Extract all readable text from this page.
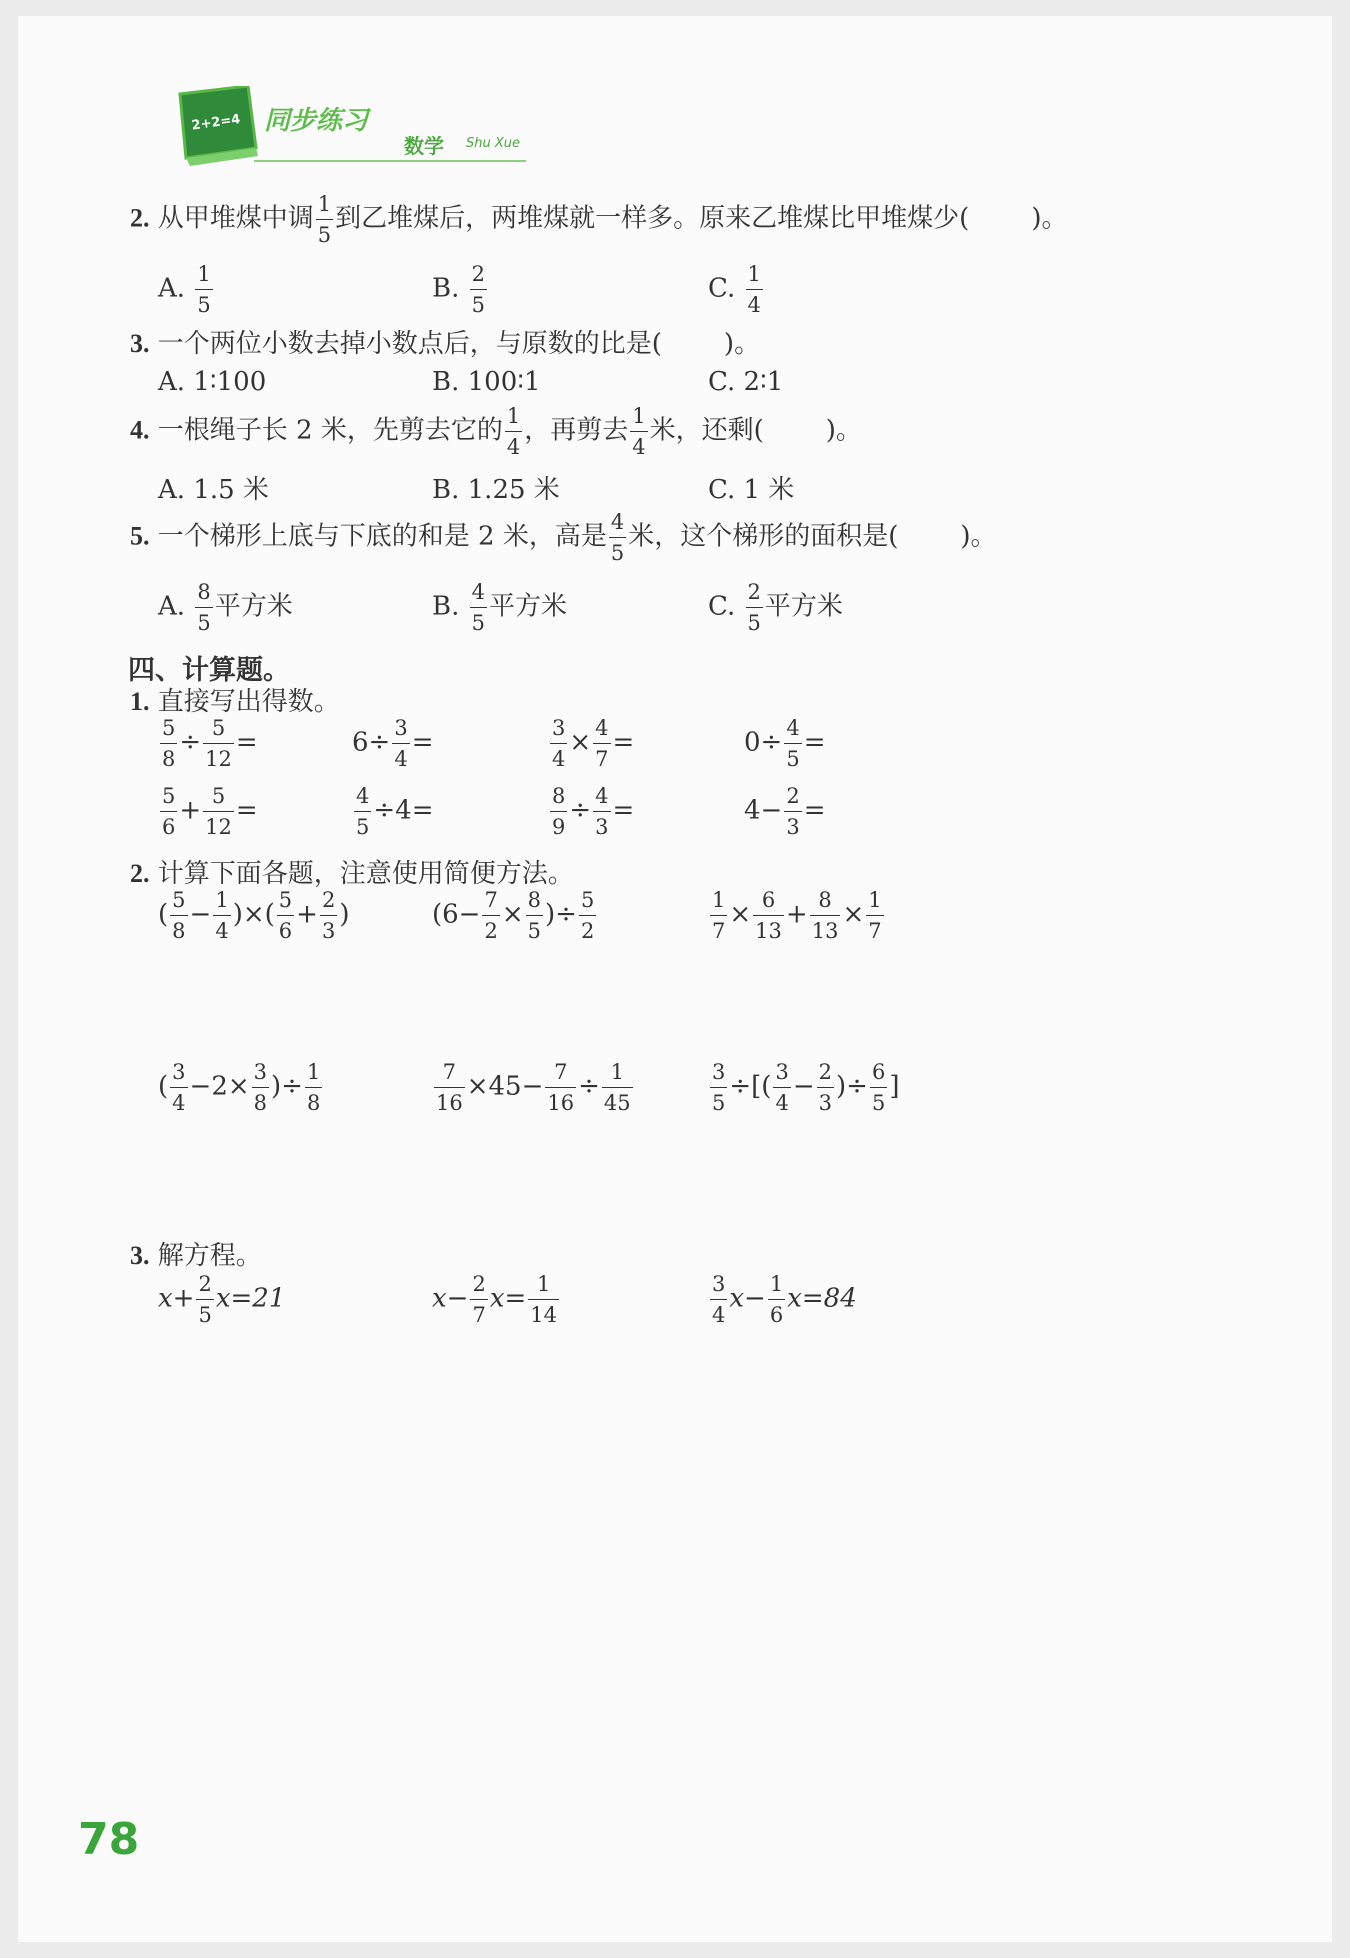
2+2=4 同步练习
数学 Shu Xue
2. 从甲堆煤中调 $\frac{1}{5}$ 到乙堆煤后，两堆煤就一样多。原来乙堆煤比甲堆煤少( )。
A. $\frac{1}{5}$	B. $\frac{2}{5}$	C. $\frac{1}{4}$
3. 一个两位小数去掉小数点后，与原数的比是( )。
A. 1∶100	B. 100∶1	C. 2∶1
4. 一根绳子长 2 米，先剪去它的 $\frac{1}{4}$ ，再剪去 $\frac{1}{4}$ 米，还剩( )。
A. 1.5 米	B. 1.25 米	C. 1 米
5. 一个梯形上底与下底的和是 2 米，高是 $\frac{4}{5}$ 米，这个梯形的面积是( )。
A. $\frac{8}{5}$ 平方米	B. $\frac{4}{5}$ 平方米	C. $\frac{2}{5}$ 平方米
四、计算题。
1. 直接写出得数。
$\frac{5}{8} \div \frac{5}{12}$ =	$6\div \frac{3}{4}$ =	$\frac{3}{4} \times \frac{4}{7}$ =	$0\div \frac{4}{5}$ =
$\frac{5}{6} + \frac{5}{12}$ =	$\frac{4}{5} \div 4=$	$\frac{8}{9} \div \frac{4}{3}$ =	$4- \frac{2}{3}$ =
2. 计算下面各题，注意使用简便方法。
( $\frac{5}{8} - \frac{1}{4}$ )×( $\frac{5}{6} + \frac{2}{3}$ )	($6- \frac{7}{2} \times \frac{8}{5}$ )÷ $\frac{5}{2}$	$\frac{1}{7} \times \frac{6}{13} + \frac{8}{13} \times \frac{1}{7}$
( $\frac{3}{4} -2\times \frac{3}{8}$ )÷ $\frac{1}{8}$	$\frac{7}{16} \times 45- \frac{7}{16} \div \frac{1}{45}$	$\frac{3}{5}$ ÷[( $\frac{3}{4} - \frac{2}{3}$ )÷ $\frac{6}{5}$ ]
3. 解方程。
$x+ \frac{2}{5} x=21$	$x- \frac{2}{7} x= \frac{1}{14}$	$\frac{3}{4} x- \frac{1}{6} x=84$
78
